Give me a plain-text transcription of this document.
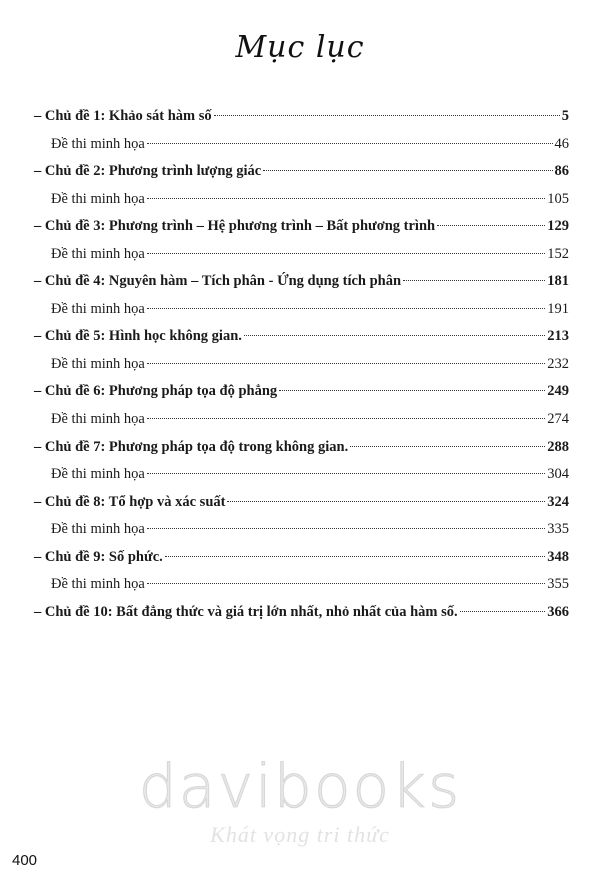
Mục lục
– Chủ đề 1: Khảo sát hàm số	5
Đề thi minh họa	46
– Chủ đề 2: Phương trình lượng giác	86
Đề thi minh họa	105
– Chủ đề 3: Phương trình – Hệ phương trình – Bất phương trình	129
Đề thi minh họa	152
– Chủ đề 4: Nguyên hàm – Tích phân - Ứng dụng tích phân	181
Đề thi minh họa	191
– Chủ đề 5: Hình học không gian.	213
Đề thi minh họa	232
– Chủ đề 6: Phương pháp tọa độ phẳng	249
Đề thi minh họa	274
– Chủ đề 7: Phương pháp tọa độ trong không gian.	288
Đề thi minh họa	304
– Chủ đề 8: Tổ hợp và xác suất	324
Đề thi minh họa	335
– Chủ đề 9: Số phức.	348
Đề thi minh họa	355
– Chủ đề 10: Bất đẳng thức và giá trị lớn nhất, nhỏ nhất của hàm số.	366
davibooks
Khát vọng tri thức
400
